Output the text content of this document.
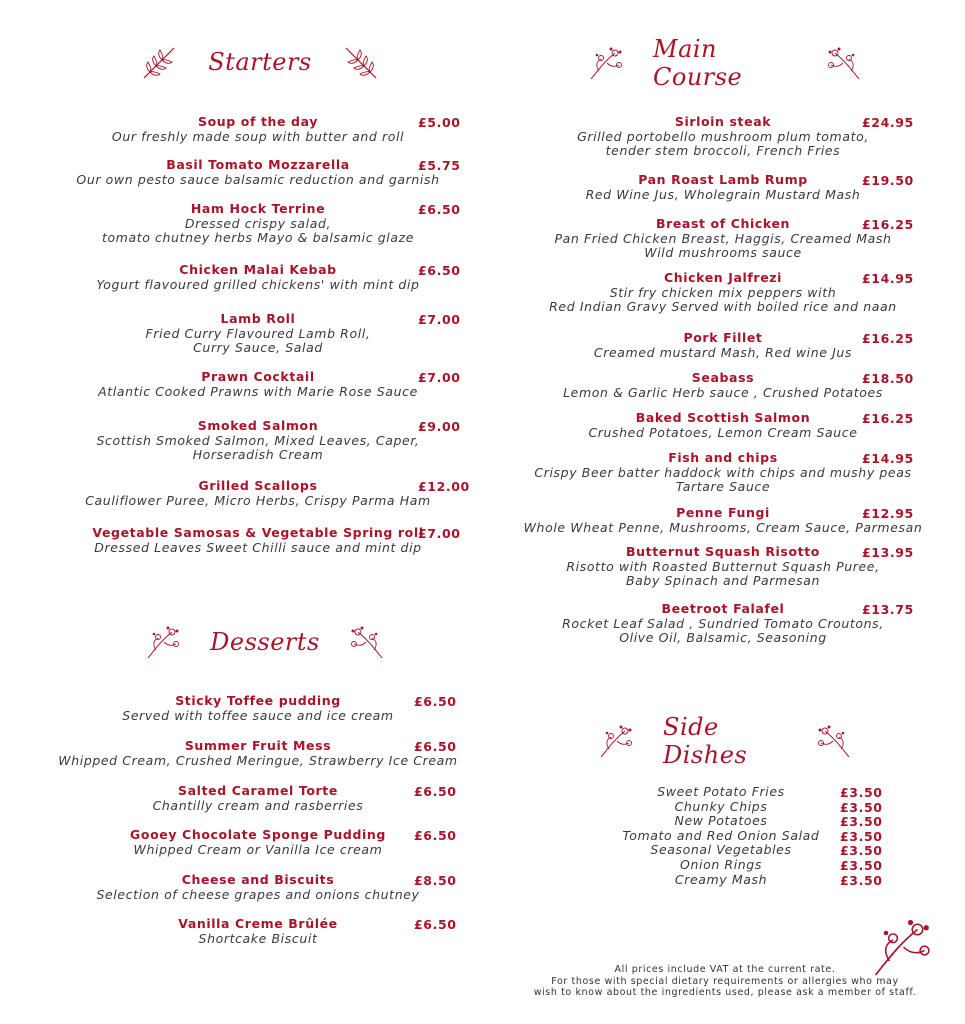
Starters
Soup of the day
Our freshly made soup with butter and roll
£5.00
Basil Tomato Mozzarella
Our own pesto sauce balsamic reduction and garnish
£5.75
Ham Hock Terrine
Dressed crispy salad,
tomato chutney herbs Mayo & balsamic glaze
£6.50
Chicken Malai Kebab
Yogurt flavoured grilled chickens' with mint dip
£6.50
Lamb Roll
Fried Curry Flavoured Lamb Roll,
Curry Sauce, Salad
£7.00
Prawn Cocktail
Atlantic Cooked Prawns with Marie Rose Sauce
£7.00
Smoked Salmon
Scottish Smoked Salmon, Mixed Leaves, Caper,
Horseradish Cream
£9.00
Grilled Scallops
Cauliflower Puree, Micro Herbs, Crispy Parma Ham
£12.00
Vegetable Samosas & Vegetable Spring roll
Dressed Leaves Sweet Chilli sauce and mint dip
£7.00
Desserts
Sticky Toffee pudding
Served with toffee sauce and ice cream
£6.50
Summer Fruit Mess
Whipped Cream, Crushed Meringue, Strawberry Ice Cream
£6.50
Salted Caramel Torte
Chantilly cream and rasberries
£6.50
Gooey Chocolate Sponge Pudding
Whipped Cream or Vanilla Ice cream
£6.50
Cheese and Biscuits
Selection of cheese grapes and onions chutney
£8.50
Vanilla Creme Brûlée
Shortcake Biscuit
£6.50
Main Course
Sirloin steak
Grilled portobello mushroom plum tomato,
tender stem broccoli, French Fries
£24.95
Pan Roast Lamb Rump
Red Wine Jus, Wholegrain Mustard Mash
£19.50
Breast of Chicken
Pan Fried Chicken Breast, Haggis, Creamed Mash
Wild mushrooms sauce
£16.25
Chicken Jalfrezi
Stir fry chicken mix peppers with
Red Indian Gravy Served with boiled rice and naan
£14.95
Pork Fillet
Creamed mustard Mash, Red wine Jus
£16.25
Seabass
Lemon & Garlic Herb sauce , Crushed Potatoes
£18.50
Baked Scottish Salmon
Crushed Potatoes, Lemon Cream Sauce
£16.25
Fish and chips
Crispy Beer batter haddock with chips and mushy peas
Tartare Sauce
£14.95
Penne Fungi
Whole Wheat Penne, Mushrooms, Cream Sauce, Parmesan
£12.95
Butternut Squash Risotto
Risotto with Roasted Butternut Squash Puree,
Baby Spinach and Parmesan
£13.95
Beetroot Falafel
Rocket Leaf Salad , Sundried Tomato Croutons,
Olive Oil, Balsamic, Seasoning
£13.75
Side Dishes
Sweet Potato Fries
Chunky Chips
New Potatoes
Tomato and Red Onion Salad
Seasonal Vegetables
Onion Rings
Creamy Mash
£3.50
£3.50
£3.50
£3.50
£3.50
£3.50
£3.50
All prices include VAT at the current rate.
For those with special dietary requirements or allergies who may
wish to know about the ingredients used, please ask a member of staff.
